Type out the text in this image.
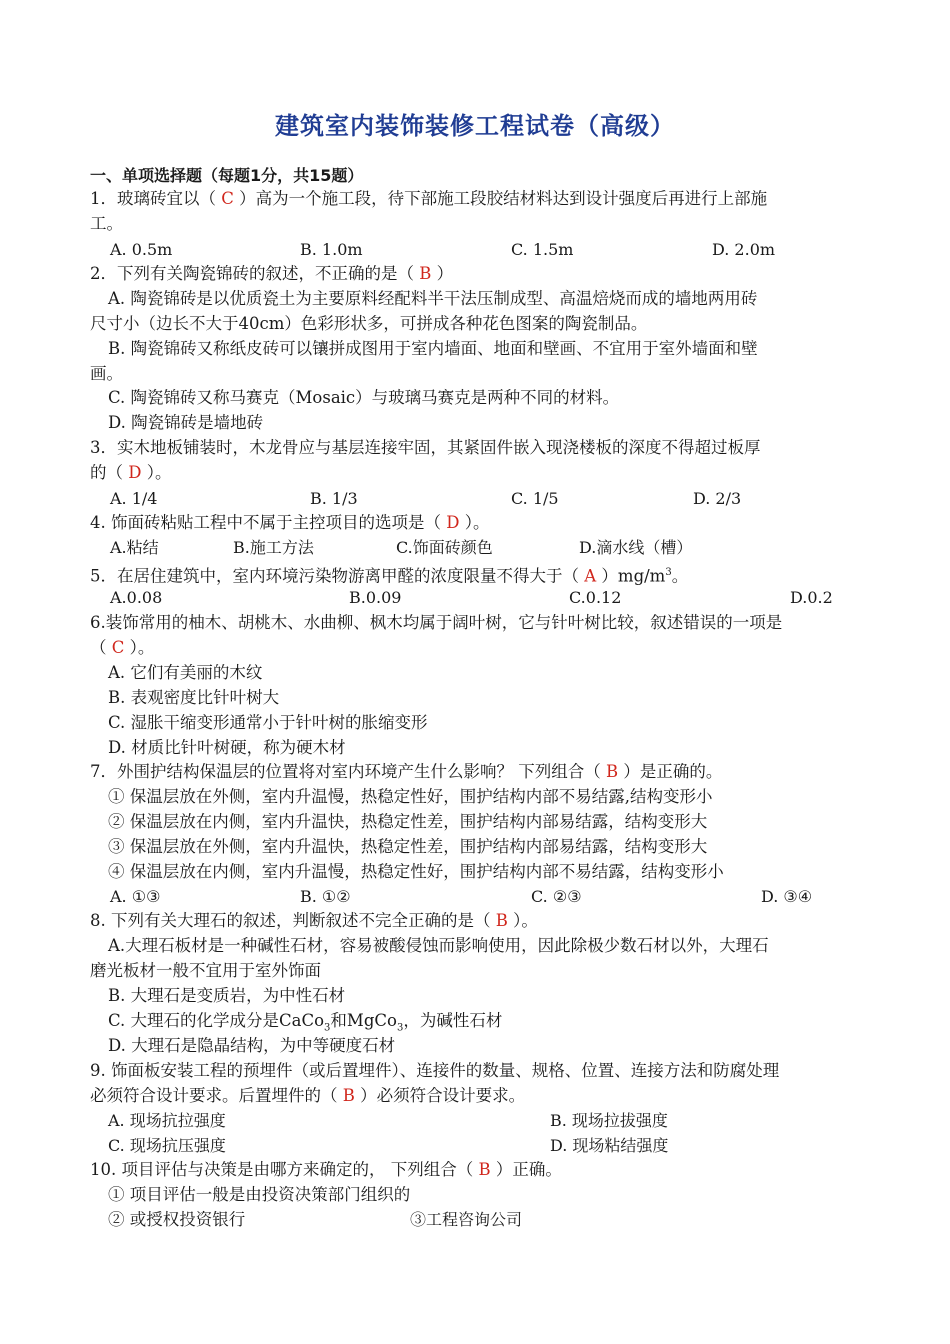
建筑室内装饰装修工程试卷（高级）
一、单项选择题（每题1分，共15题）
1．玻璃砖宜以（ C ）高为一个施工段，待下部施工段胶结材料达到设计强度后再进行上部施
工。
A. 0.5m	B. 1.0m	C. 1.5m	D. 2.0m
2．下列有关陶瓷锦砖的叙述，不正确的是（ B ）
A. 陶瓷锦砖是以优质瓷土为主要原料经配料半干法压制成型、高温焙烧而成的墙地两用砖
尺寸小（边长不大于40cm）色彩形状多，可拼成各种花色图案的陶瓷制品。
B. 陶瓷锦砖又称纸皮砖可以镶拼成图用于室内墙面、地面和壁画、不宜用于室外墙面和壁
画。
C. 陶瓷锦砖又称马赛克（Mosaic）与玻璃马赛克是两种不同的材料。
D. 陶瓷锦砖是墙地砖
3．实木地板铺装时，木龙骨应与基层连接牢固，其紧固件嵌入现浇楼板的深度不得超过板厚
的（ D ）。
A. 1/4	B. 1/3	C. 1/5	D. 2/3
4. 饰面砖粘贴工程中不属于主控项目的选项是（ D ）。
A.粘结	B.施工方法	C.饰面砖颜色	D.滴水线（槽）
5．在居住建筑中，室内环境污染物游离甲醛的浓度限量不得大于（ A ）$mg/m^3$。
A.0.08	B.0.09	C.0.12	D.0.2
6.装饰常用的柚木、胡桃木、水曲柳、枫木均属于阔叶树，它与针叶树比较，叙述错误的一项是
（ C ）。
A. 它们有美丽的木纹
B. 表观密度比针叶树大
C. 湿胀干缩变形通常小于针叶树的胀缩变形
D. 材质比针叶树硬，称为硬木材
7．外围护结构保温层的位置将对室内环境产生什么影响？ 下列组合（ B ）是正确的。
① 保温层放在外侧，室内升温慢，热稳定性好，围护结构内部不易结露,结构变形小
② 保温层放在内侧，室内升温快，热稳定性差，围护结构内部易结露，结构变形大
③ 保温层放在外侧，室内升温快，热稳定性差，围护结构内部易结露，结构变形大
④ 保温层放在内侧，室内升温慢，热稳定性好，围护结构内部不易结露，结构变形小
A. ①③	B. ①②	C. ②③	D. ③④
8. 下列有关大理石的叙述，判断叙述不完全正确的是（ B ）。
A.大理石板材是一种碱性石材，容易被酸侵蚀而影响使用，因此除极少数石材以外，大理石
磨光板材一般不宜用于室外饰面
B. 大理石是变质岩，为中性石材
C. 大理石的化学成分是CaCo$_3$和MgCo$_3$，为碱性石材
D. 大理石是隐晶结构，为中等硬度石材
9. 饰面板安装工程的预埋件（或后置埋件）、连接件的数量、规格、位置、连接方法和防腐处理
必须符合设计要求。后置埋件的（ B ）必须符合设计要求。
A. 现场抗拉强度	B. 现场拉拔强度
C. 现场抗压强度	D. 现场粘结强度
10. 项目评估与决策是由哪方来确定的， 下列组合（ B ）正确。
① 项目评估一般是由投资决策部门组织的
② 或授权投资银行	③工程咨询公司
